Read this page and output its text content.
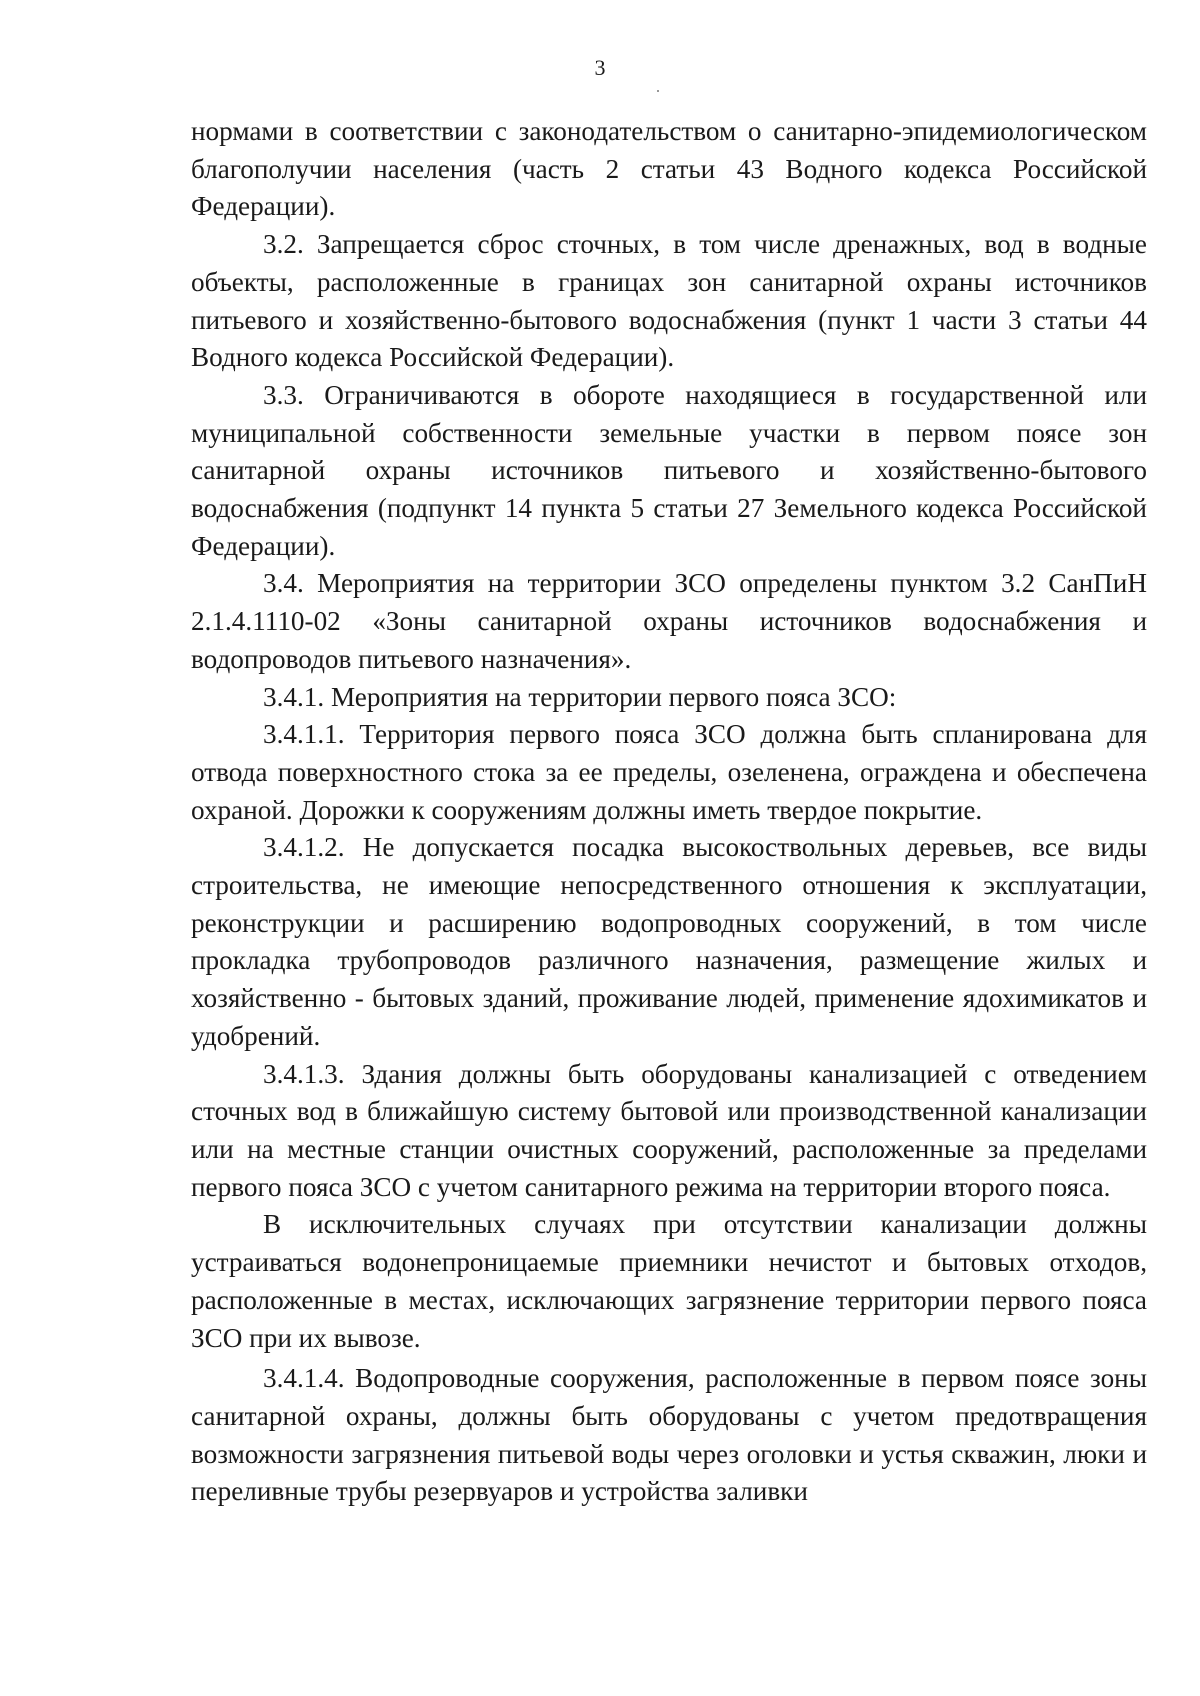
3

нормами в соответствии с законодательством о санитарно-эпидемиологическом благополучии населения (часть 2 статьи 43 Водного кодекса Российской Федерации).

3.2. Запрещается сброс сточных, в том числе дренажных, вод в водные объекты, расположенные в границах зон санитарной охраны источников питьевого и хозяйственно-бытового водоснабжения (пункт 1 части 3 статьи 44 Водного кодекса Российской Федерации).

3.3. Ограничиваются в обороте находящиеся в государственной или муниципальной собственности земельные участки в первом поясе зон санитарной охраны источников питьевого и хозяйственно-бытового водоснабжения (подпункт 14 пункта 5 статьи 27 Земельного кодекса Российской Федерации).

3.4. Мероприятия на территории ЗСО определены пунктом 3.2 СанПиН 2.1.4.1110-02 «Зоны санитарной охраны источников водоснабжения и водопроводов питьевого назначения».

3.4.1. Мероприятия на территории первого пояса ЗСО:

3.4.1.1. Территория первого пояса ЗСО должна быть спланирована для отвода поверхностного стока за ее пределы, озеленена, ограждена и обеспечена охраной. Дорожки к сооружениям должны иметь твердое покрытие.

3.4.1.2. Не допускается посадка высокоствольных деревьев, все виды строительства, не имеющие непосредственного отношения к эксплуатации, реконструкции и расширению водопроводных сооружений, в том числе прокладка трубопроводов различного назначения, размещение жилых и хозяйственно - бытовых зданий, проживание людей, применение ядохимикатов и удобрений.

3.4.1.3. Здания должны быть оборудованы канализацией с отведением сточных вод в ближайшую систему бытовой или производственной канализации или на местные станции очистных сооружений, расположенные за пределами первого пояса ЗСО с учетом санитарного режима на территории второго пояса.

В исключительных случаях при отсутствии канализации должны устраиваться водонепроницаемые приемники нечистот и бытовых отходов, расположенные в местах, исключающих загрязнение территории первого пояса ЗСО при их вывозе.

3.4.1.4. Водопроводные сооружения, расположенные в первом поясе зоны санитарной охраны, должны быть оборудованы с учетом предотвращения возможности загрязнения питьевой воды через оголовки и устья скважин, люки и переливные трубы резервуаров и устройства заливки
